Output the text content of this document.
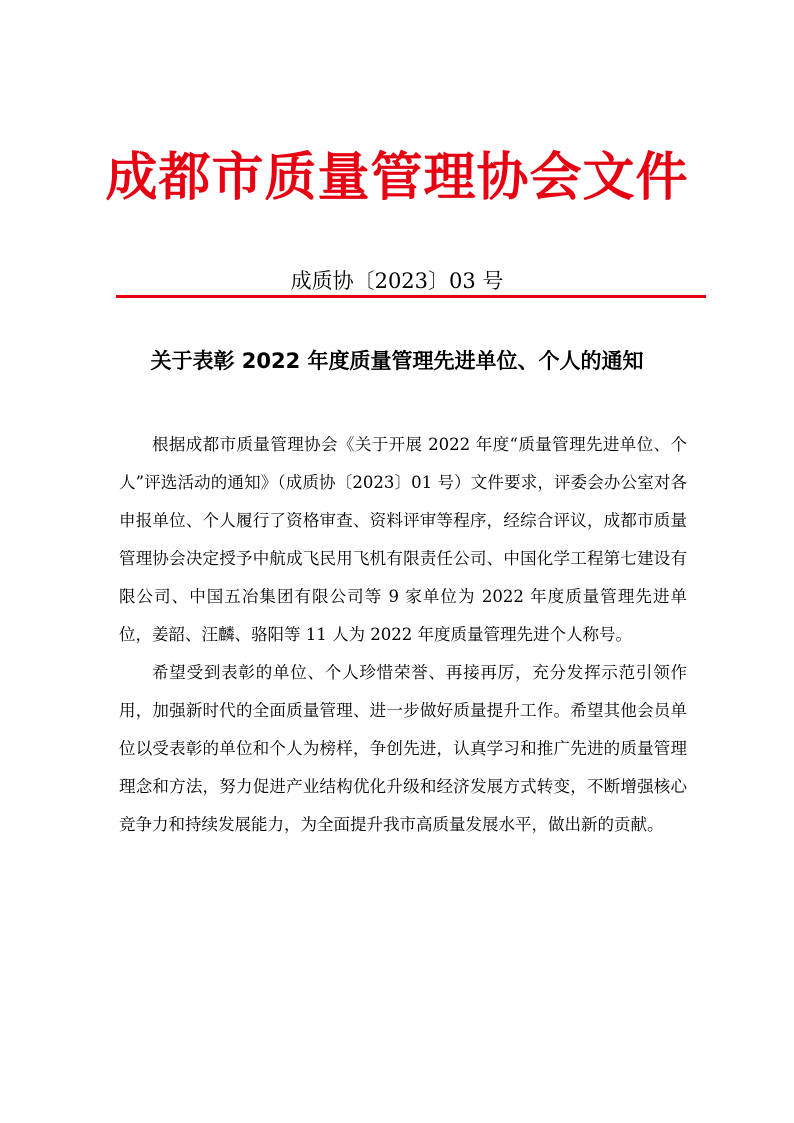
成都市质量管理协会文件
成质协〔2023〕03 号
关于表彰 2022 年度质量管理先进单位、个人的通知

根据成都市质量管理协会《关于开展 2022 年度“质量管理先进单位、个人”评选活动的通知》（成质协〔2023〕01 号）文件要求，评委会办公室对各申报单位、个人履行了资格审查、资料评审等程序，经综合评议，成都市质量管理协会决定授予中航成飞民用飞机有限责任公司、中国化学工程第七建设有限公司、中国五冶集团有限公司等 9 家单位为 2022 年度质量管理先进单位，姜韶、汪麟、骆阳等 11 人为 2022 年度质量管理先进个人称号。

希望受到表彰的单位、个人珍惜荣誉、再接再厉，充分发挥示范引领作用，加强新时代的全面质量管理、进一步做好质量提升工作。希望其他会员单位以受表彰的单位和个人为榜样，争创先进，认真学习和推广先进的质量管理理念和方法，努力促进产业结构优化升级和经济发展方式转变，不断增强核心竞争力和持续发展能力，为全面提升我市高质量发展水平，做出新的贡献。
